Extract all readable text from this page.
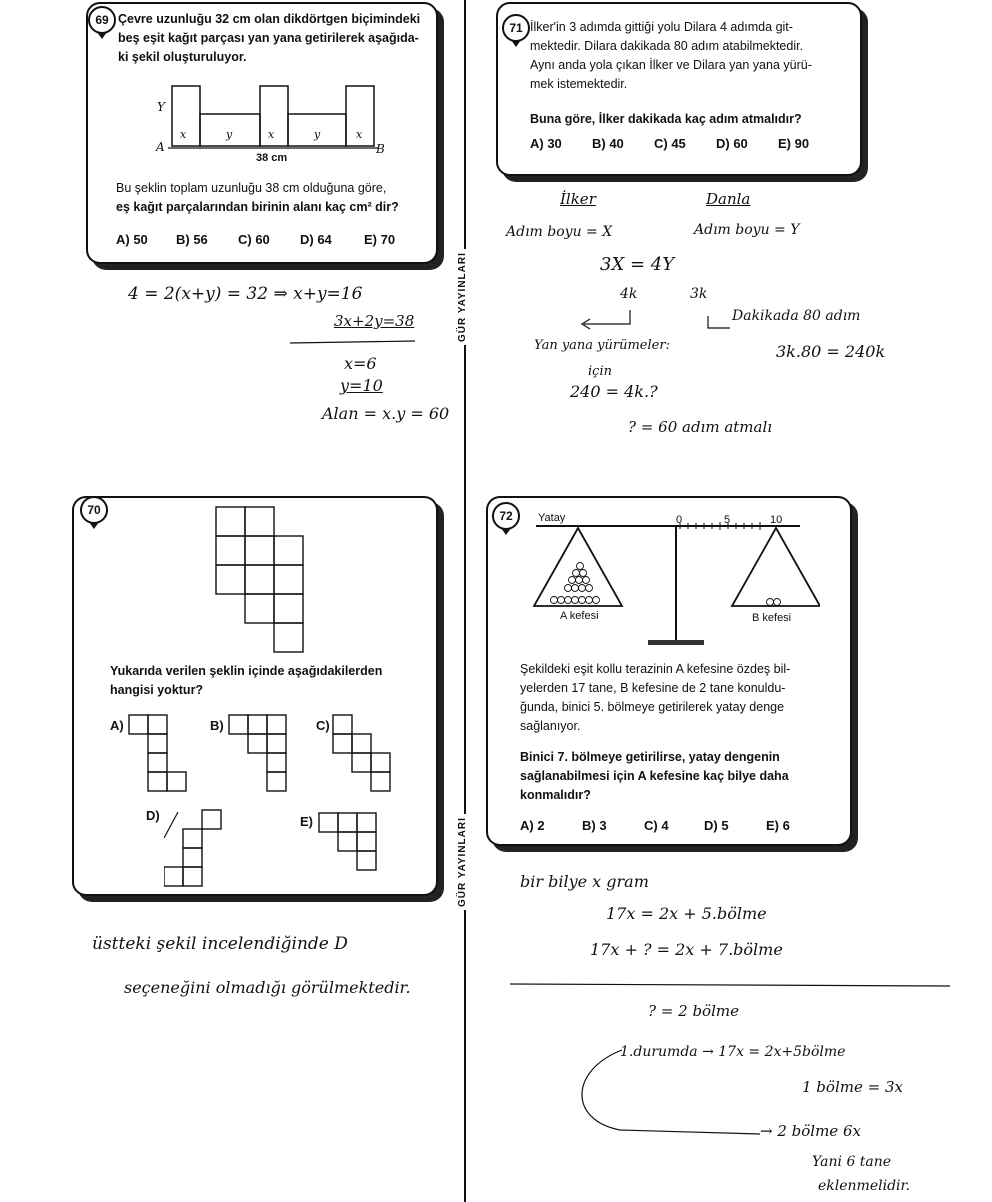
GÜR YAYINLARI
GÜR YAYINLARI
69 Çevre uzunluğu 32 cm olan dikdörtgen biçimindeki
beş eşit kağıt parçası yan yana getirilerek aşağıda-
ki şekil oluşturuluyor.
Y
A	B
x	y	x	y	x
38 cm
Bu şeklin toplam uzunluğu 38 cm olduğuna göre,
eş kağıt parçalarından birinin alanı kaç cm² dir?
A) 50	B) 56	C) 60	D) 64	E) 70
4 = 2(x+y) = 32 ⇒ x+y=16
3x+2y=38
x=6
y=10
Alan = x.y = 60
71 İlker'in 3 adımda gittiği yolu Dilara 4 adımda git-
mektedir. Dilara dakikada 80 adım atabilmektedir.
Aynı anda yola çıkan İlker ve Dilara yan yana yürü-
mek istemektedir.
Buna göre, İlker dakikada kaç adım atmalıdır?
A) 30	B) 40	C) 45	D) 60	E) 90
İlker	Danla
Adım boyu = X	Adım boyu = Y
3X = 4Y
4k	3k
Dakikada 80 adım
Yan yana yürümeler:
için
3k.80 = 240k
240 = 4k.?
? = 60 adım atmalı
70
Yukarıda verilen şeklin içinde aşağıdakilerden
hangisi yoktur?
A)	B)	C)
D)	E)
üstteki şekil incelendiğinde D
seçeneğini olmadığı görülmektedir.
72	Yatay	0	5	10
A kefesi	B kefesi
Şekildeki eşit kollu terazinin A kefesine özdeş bil-
yelerden 17 tane, B kefesine de 2 tane konuldu-
ğunda, binici 5. bölmeye getirilerek yatay denge
sağlanıyor.
Binici 7. bölmeye getirilirse, yatay dengenin
sağlanabilmesi için A kefesine kaç bilye daha
konmalıdır?
A) 2	B) 3	C) 4	D) 5	E) 6
bir bilye x gram
17x = 2x + 5.bölme
17x + ? = 2x + 7.bölme
? = 2 bölme
1.durumda → 17x = 2x+5bölme
1 bölme = 3x
→ 2 bölme 6x
Yani 6 tane
eklenmelidir.
